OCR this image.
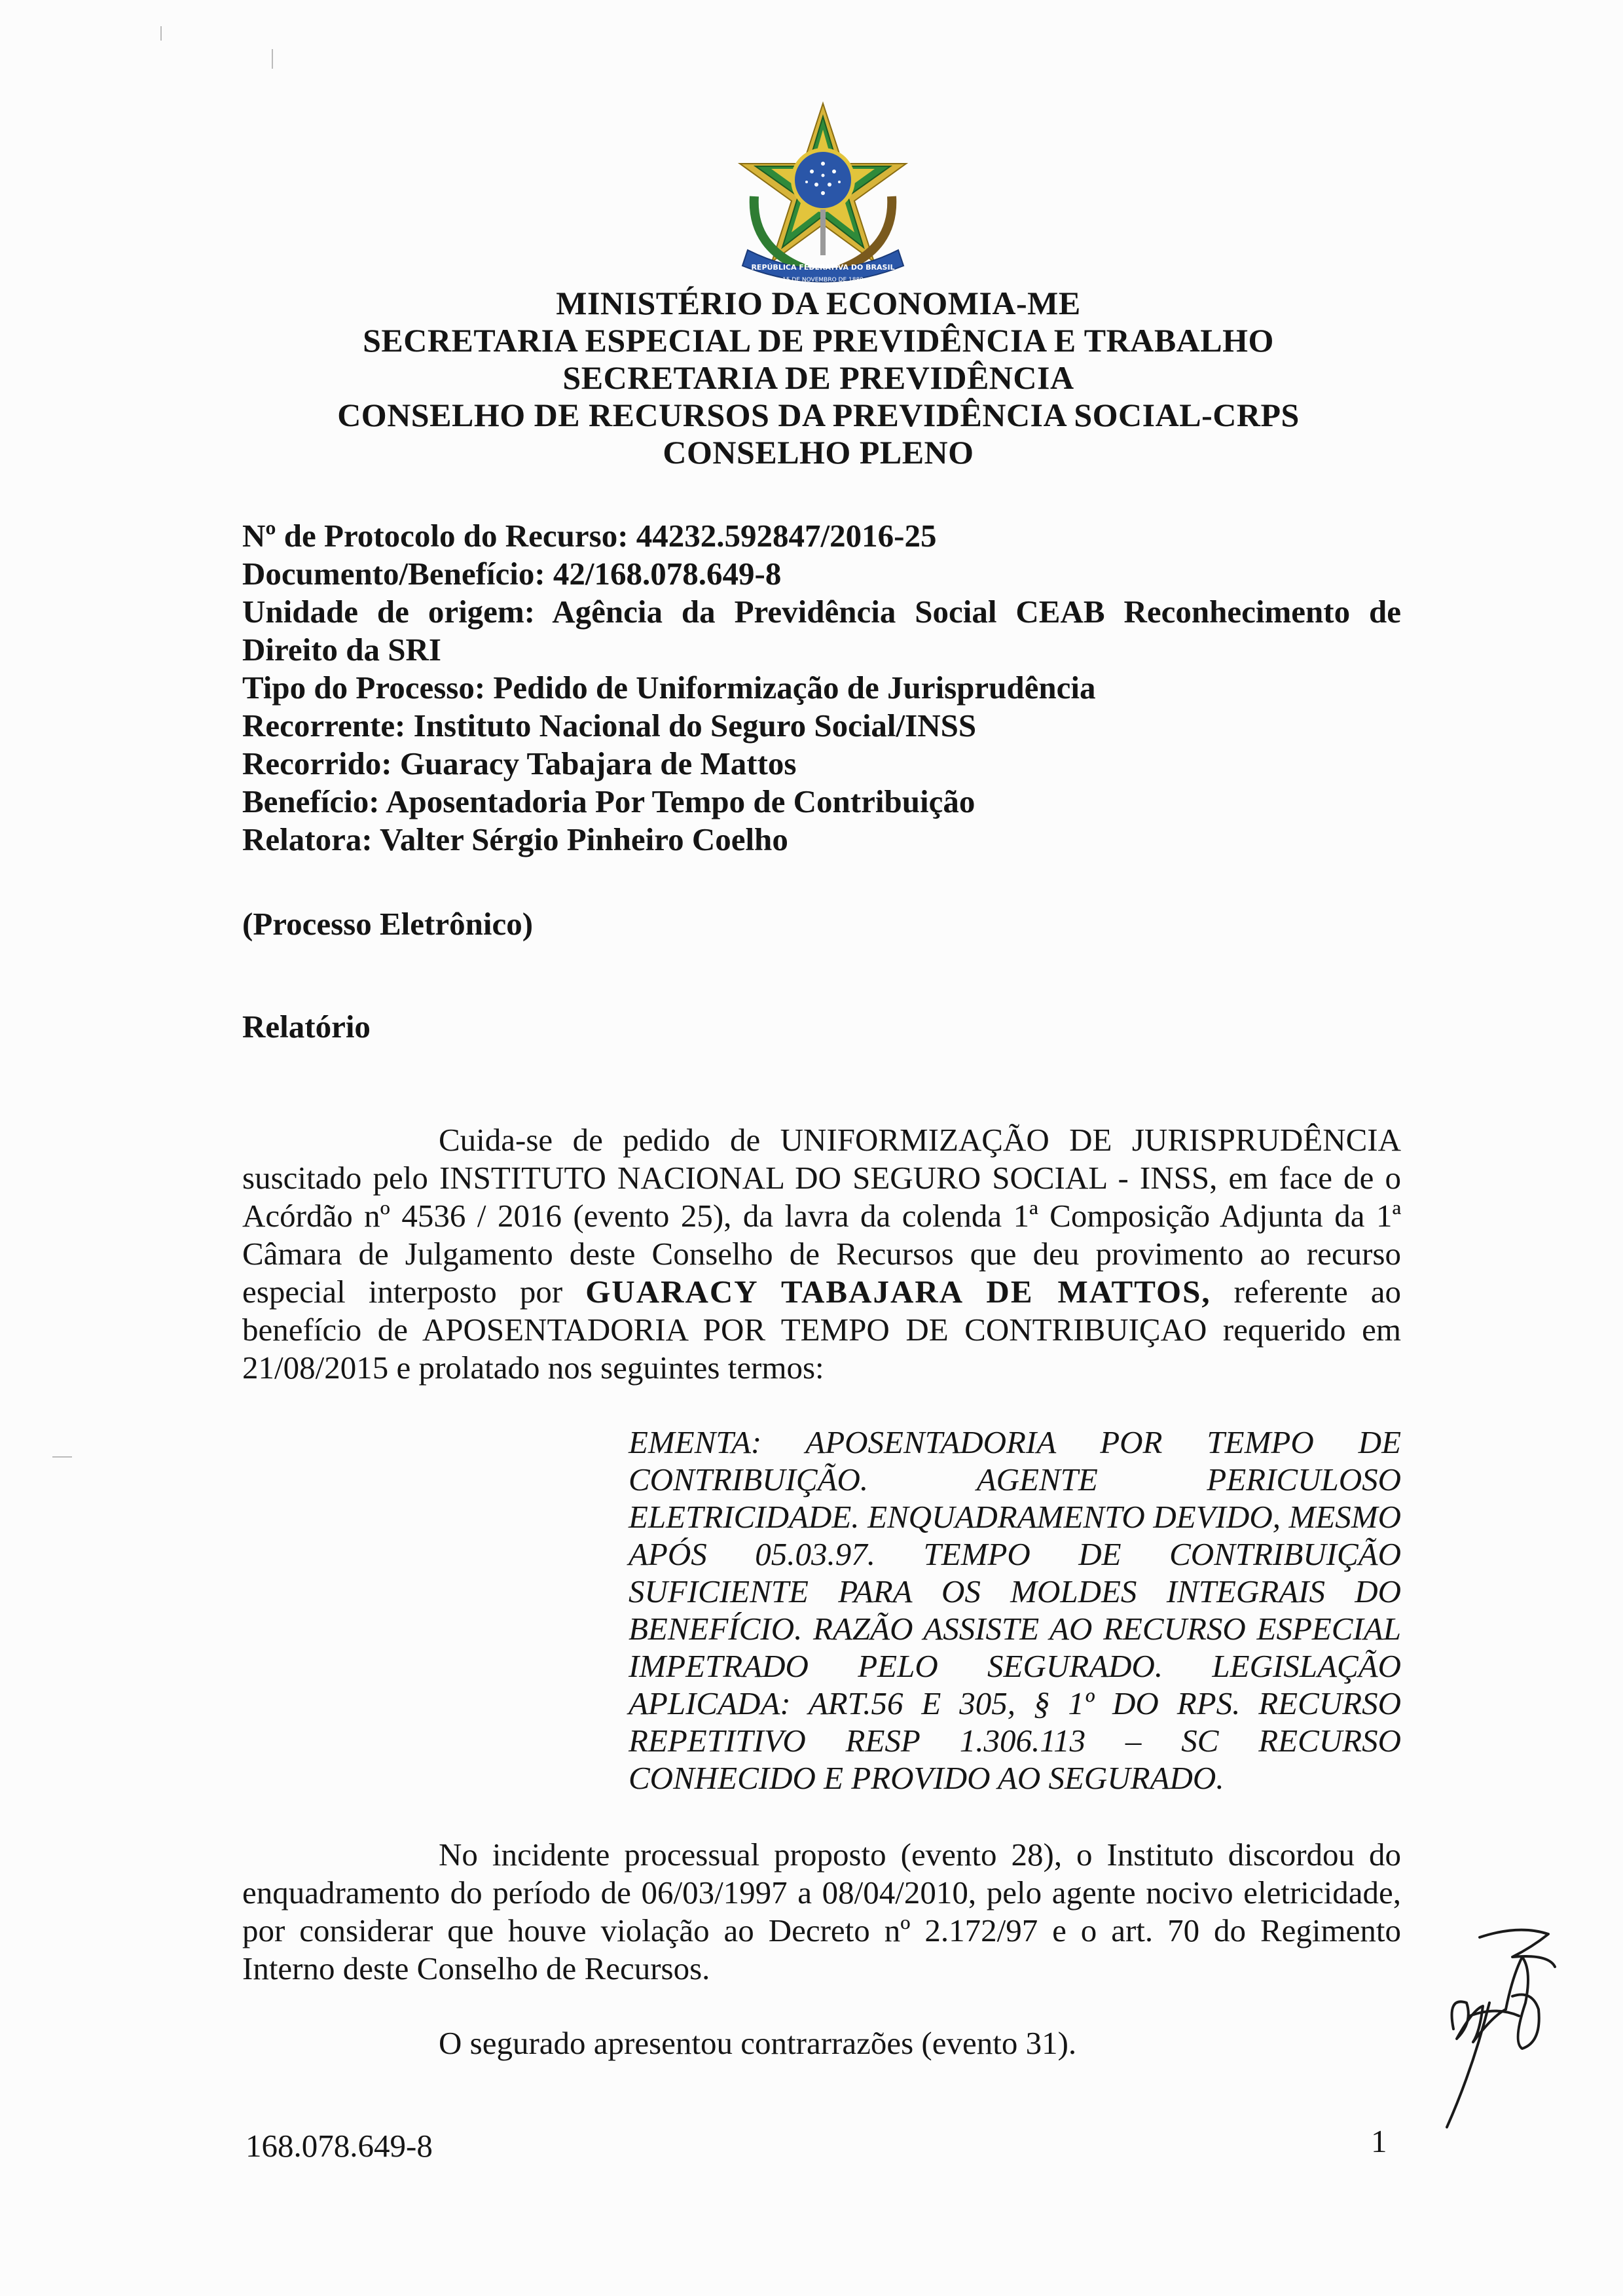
REPÚBLICA FEDERATIVA DO BRASIL
15 DE NOVEMBRO DE 1889
MINISTÉRIO DA ECONOMIA-ME
SECRETARIA ESPECIAL DE PREVIDÊNCIA E TRABALHO
SECRETARIA DE PREVIDÊNCIA
CONSELHO DE RECURSOS DA PREVIDÊNCIA SOCIAL-CRPS
CONSELHO PLENO
Nº de Protocolo do Recurso: 44232.592847/2016-25
Documento/Benefício: 42/168.078.649-8
Unidade de origem: Agência da Previdência Social CEAB Reconhecimento de
Direito da SRI
Tipo do Processo: Pedido de Uniformização de Jurisprudência
Recorrente: Instituto Nacional do Seguro Social/INSS
Recorrido: Guaracy Tabajara de Mattos
Benefício: Aposentadoria Por Tempo de Contribuição
Relatora: Valter Sérgio Pinheiro Coelho
(Processo Eletrônico)
Relatório
Cuida-se de pedido de UNIFORMIZAÇÃO DE JURISPRUDÊNCIA suscitado pelo INSTITUTO NACIONAL DO SEGURO SOCIAL - INSS, em face de o Acórdão nº 4536 / 2016 (evento 25), da lavra da colenda 1ª Composição Adjunta da 1ª Câmara de Julgamento deste Conselho de Recursos que deu provimento ao recurso especial interposto por GUARACY TABAJARA DE MATTOS, referente ao benefício de APOSENTADORIA POR TEMPO DE CONTRIBUIÇAO requerido em 21/08/2015 e prolatado nos seguintes termos:
EMENTA: APOSENTADORIA POR TEMPO DE CONTRIBUIÇÃO. AGENTE PERICULOSO ELETRICIDADE. ENQUADRAMENTO DEVIDO, MESMO APÓS 05.03.97. TEMPO DE CONTRIBUIÇÃO SUFICIENTE PARA OS MOLDES INTEGRAIS DO BENEFÍCIO. RAZÃO ASSISTE AO RECURSO ESPECIAL IMPETRADO PELO SEGURADO. LEGISLAÇÃO APLICADA: ART.56 E 305, § 1º DO RPS. RECURSO REPETITIVO RESP 1.306.113 – SC RECURSO CONHECIDO E PROVIDO AO SEGURADO.
No incidente processual proposto (evento 28), o Instituto discordou do enquadramento do período de 06/03/1997 a 08/04/2010, pelo agente nocivo eletricidade, por considerar que houve violação ao Decreto nº 2.172/97 e o art. 70 do Regimento Interno deste Conselho de Recursos.
O segurado apresentou contrarrazões (evento 31).
168.078.649-8	1
